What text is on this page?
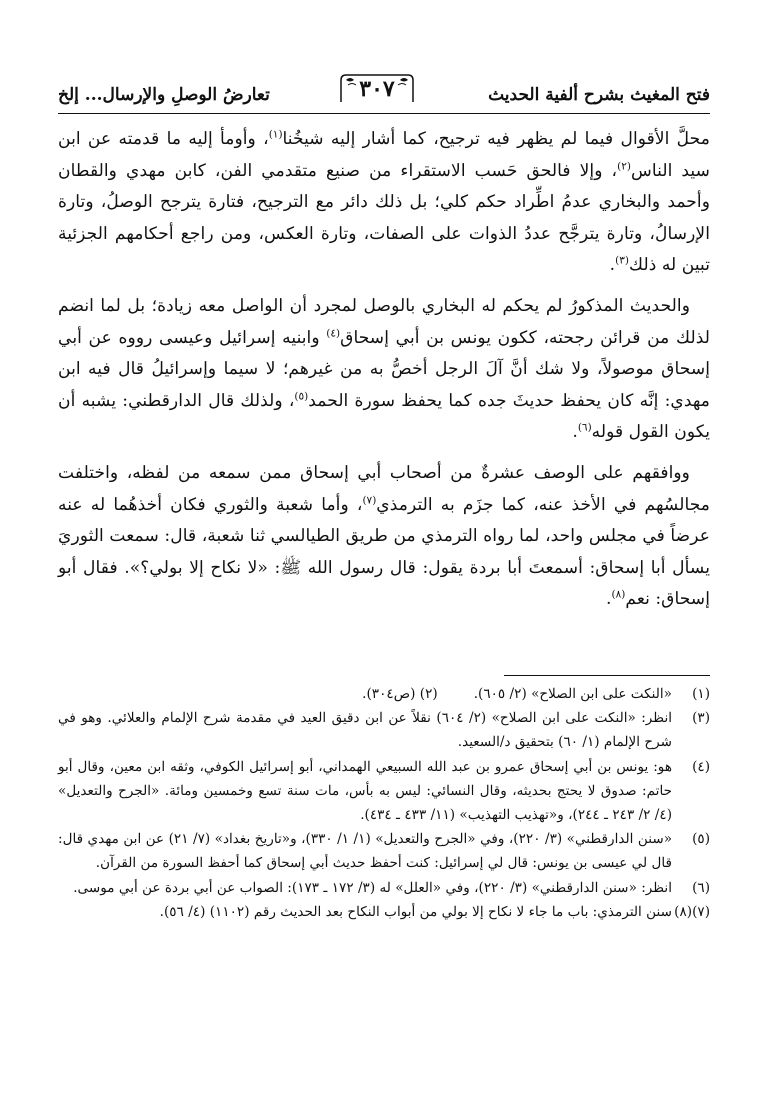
فتح المغيث بشرح ألفية الحديث
تعارضُ الوصلِ والإرسال... إلخ	٣٠٧

محلَّ الأقوال فيما لم يظهر فيه ترجيح، كما أشار إليه شيخُنا$^{(١)}$، وأومأ إليه ما قدمته عن ابن سيد الناس$^{(٢)}$، وإلا فالحق حَسب الاستقراء من صنيع متقدمي الفن، كابن مهدي والقطان وأحمد والبخاري عدمُ اطِّراد حكم كلي؛ بل ذلك دائر مع الترجيح، فتارة يترجح الوصلُ، وتارة الإرسالُ، وتارة يترجَّح عددُ الذوات على الصفات، وتارة العكس، ومن راجع أحكامهم الجزئية تبين له ذلك$^{(٣)}$.

والحديث المذكورُ لم يحكم له البخاري بالوصل لمجرد أن الواصل معه زيادة؛ بل لما انضم لذلك من قرائن رجحته، ككون يونس بن أبي إسحاق$^{(٤)}$ وابنيه إسرائيل وعيسى رووه عن أبي إسحاق موصولاً، ولا شك أنَّ آلَ الرجل أخصُّ به من غيرهم؛ لا سيما وإسرائيلُ قال فيه ابن مهدي: إنَّه كان يحفظ حديثَ جده كما يحفظ سورة الحمد$^{(٥)}$، ولذلك قال الدارقطني: يشبه أن يكون القول قوله$^{(٦)}$.

ووافقهم على الوصف عشرةٌ من أصحاب أبي إسحاق ممن سمعه من لفظه، واختلفت مجالسُهم في الأخذ عنه، كما جزَم به الترمذي$^{(٧)}$، وأما شعبة والثوري فكان أخذهُما له عنه عرضاً في مجلس واحد، لما رواه الترمذي من طريق الطيالسي ثنا شعبة، قال: سمعت الثوريَ يسأل أبا إسحاق: أسمعتَ أبا بردة يقول: قال رسول الله ﷺ: «لا نكاح إلا بولي؟». فقال أبو إسحاق: نعم$^{(٨)}$.

(١)
«النكت على ابن الصلاح» (٢/ ٦٠٥).(٢) (ص٣٠٤).
(٣)
انظر: «النكت على ابن الصلاح» (٢/ ٦٠٤) نقلاً عن ابن دقيق العيد في مقدمة شرح الإلمام والعلائي. وهو في شرح الإلمام (١/ ٦٠) بتحقيق د/السعيد.
(٤)
هو: يونس بن أبي إسحاق عمرو بن عبد الله السبيعي الهمداني، أبو إسرائيل الكوفي، وثقه ابن معين، وقال أبو حاتم: صدوق لا يحتج بحديثه، وقال النسائي: ليس به بأس، مات سنة تسع وخمسين ومائة. «الجرح والتعديل» (٤/ ٢/ ٢٤٣ ـ ٢٤٤)، و«تهذيب التهذيب» (١١/ ٤٣٣ ـ ٤٣٤).
(٥)
«سنن الدارقطني» (٣/ ٢٢٠)، وفي «الجرح والتعديل» (١/ ١/ ٣٣٠)، و«تاريخ بغداد» (٧/ ٢١) عن ابن مهدي قال: قال لي عيسى بن يونس: قال لي إسرائيل: كنت أحفظ حديث أبي إسحاق كما أحفظ السورة من القرآن.
(٦)
انظر: «سنن الدارقطني» (٣/ ٢٢٠)، وفي «العلل» له (٣/ ١٧٢ ـ ١٧٣): الصواب عن أبي بردة عن أبي موسى.
(٧)(٨)
سنن الترمذي: باب ما جاء لا نكاح إلا بولي من أبواب النكاح بعد الحديث رقم (١١٠٢) (٤/ ٥٦).
